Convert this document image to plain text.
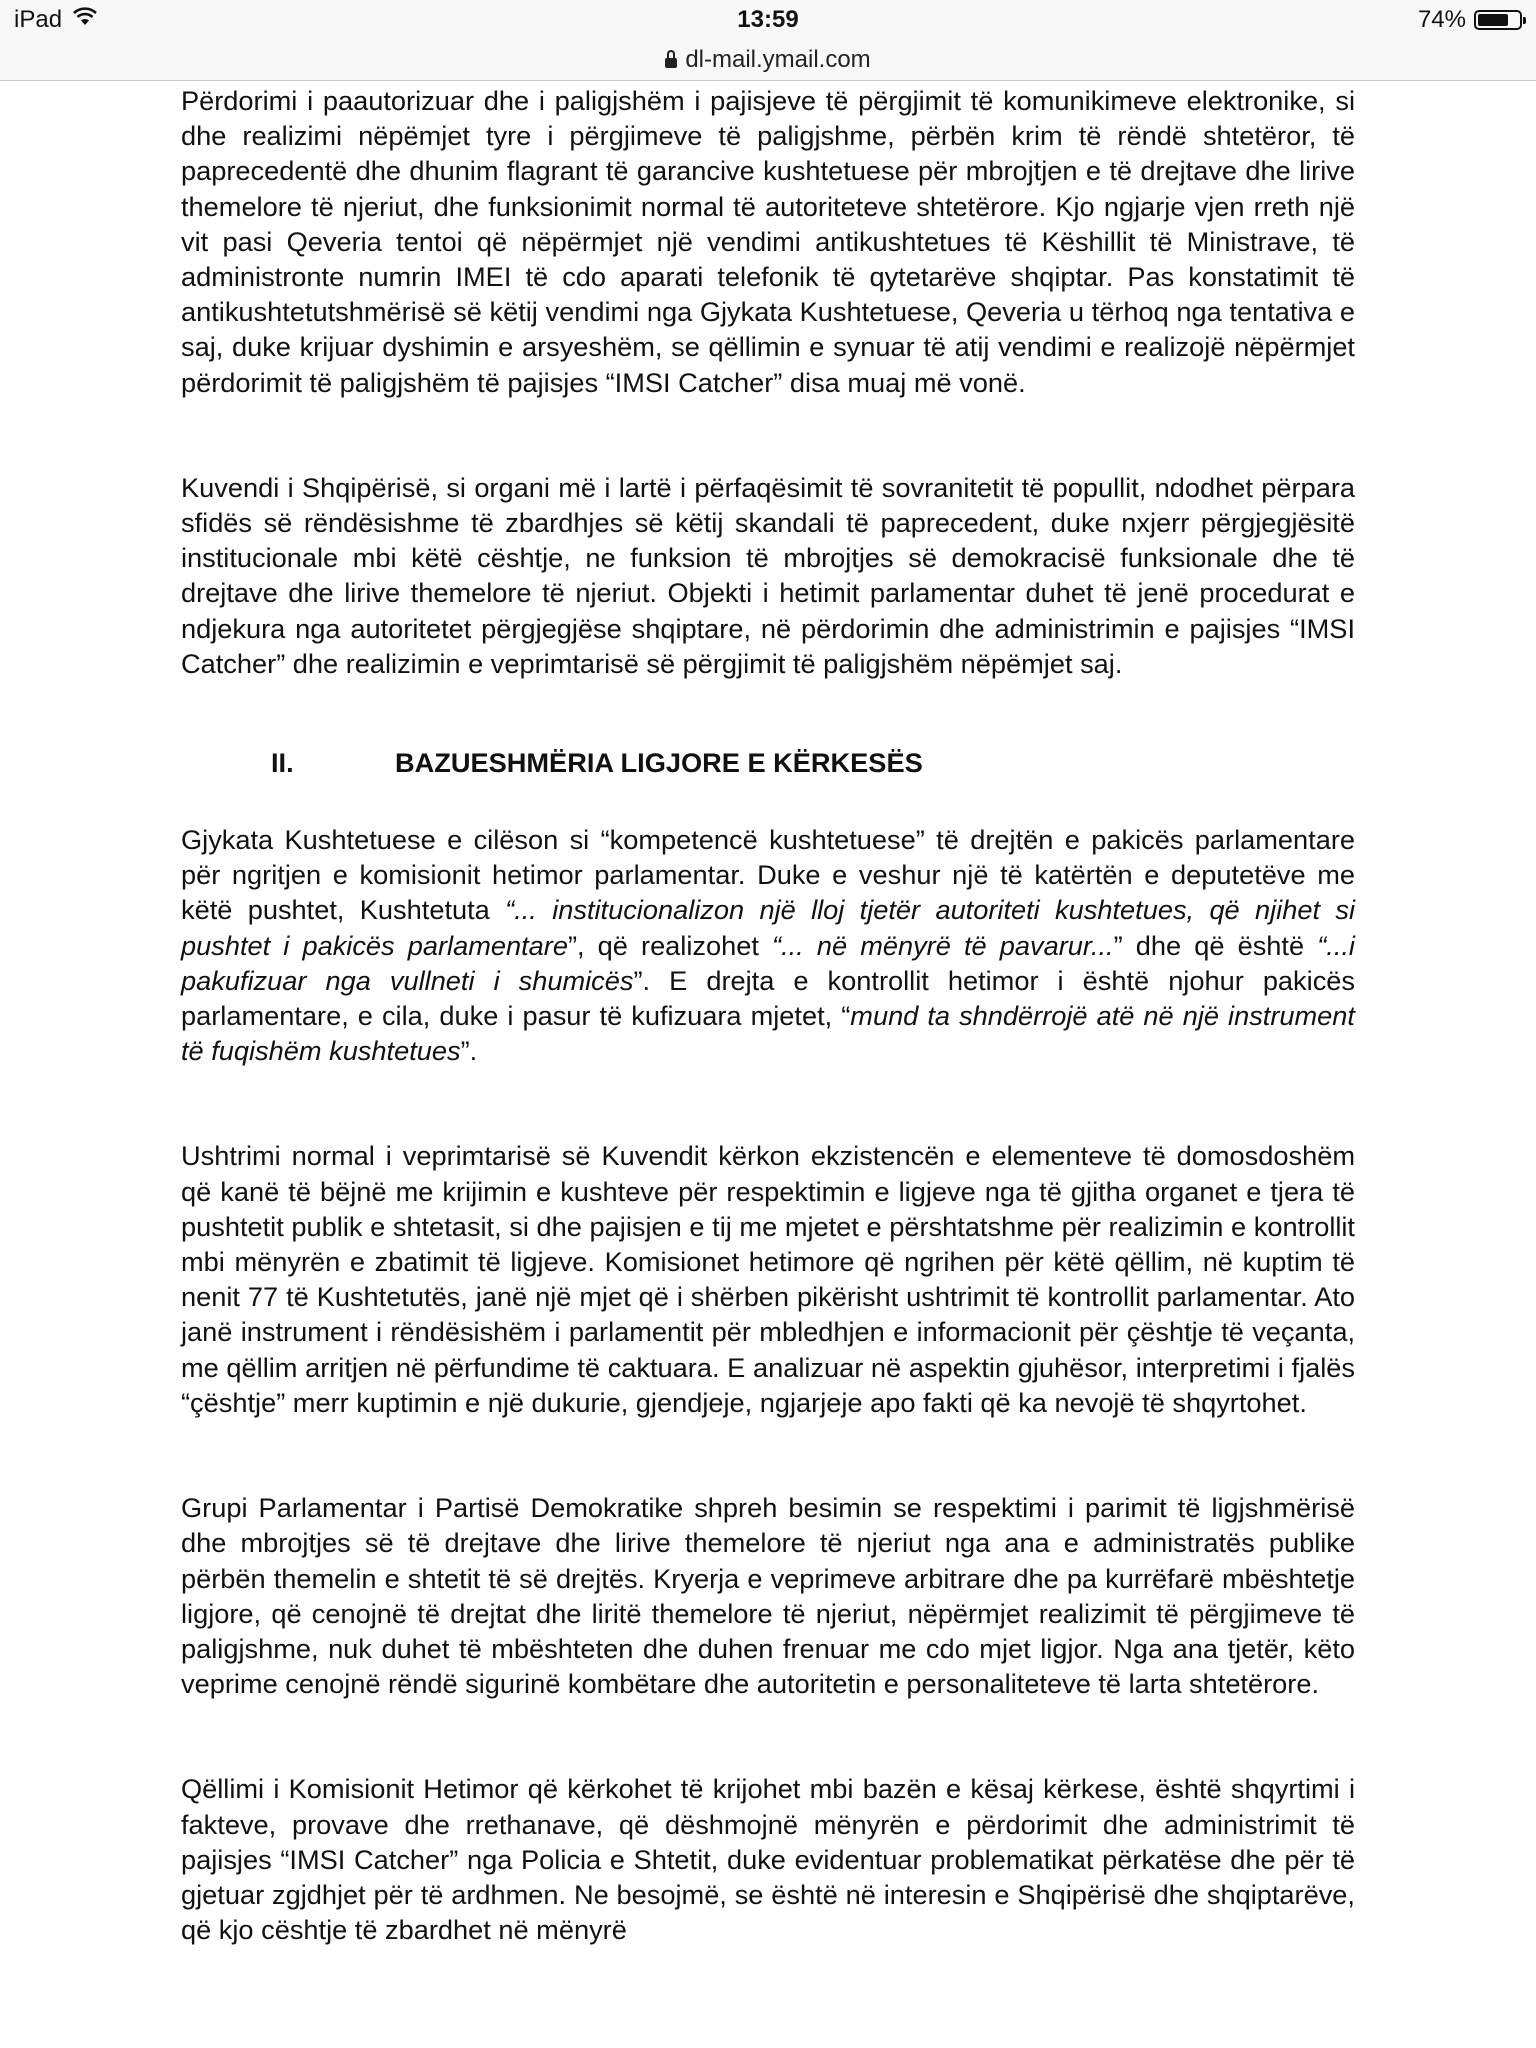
iPad	13:59	74%
dl-mail.ymail.com

Përdorimi i paautorizuar dhe i paligjshëm i pajisjeve të përgjimit të komunikimeve elektronike, si dhe realizimi nëpëmjet tyre i përgjimeve të paligjshme, përbën krim të rëndë shtetëror, të paprecedentë dhe dhunim flagrant të garancive kushtetuese për mbrojtjen e të drejtave dhe lirive themelore të njeriut, dhe funksionimit normal të autoriteteve shtetërore. Kjo ngjarje vjen rreth një vit pasi Qeveria tentoi që nëpërmjet një vendimi antikushtetues të Këshillit të Ministrave, të administronte numrin IMEI të cdo aparati telefonik të qytetarëve shqiptar. Pas konstatimit të antikushtetutshmërisë së këtij vendimi nga Gjykata Kushtetuese, Qeveria u tërhoq nga tentativa e saj, duke krijuar dyshimin e arsyeshëm, se qëllimin e synuar të atij vendimi e realizojë nëpërmjet përdorimit të paligjshëm të pajisjes “IMSI Catcher” disa muaj më vonë.

Kuvendi i Shqipërisë, si organi më i lartë i përfaqësimit të sovranitetit të popullit, ndodhet përpara sfidës së rëndësishme të zbardhjes së këtij skandali të paprecedent, duke nxjerr përgjegjësitë institucionale mbi këtë cështje, ne funksion të mbrojtjes së demokracisë funksionale dhe të drejtave dhe lirive themelore të njeriut. Objekti i hetimit parlamentar duhet të jenë procedurat e ndjekura nga autoritetet përgjegjëse shqiptare, në përdorimin dhe administrimin e pajisjes “IMSI Catcher” dhe realizimin e veprimtarisë së përgjimit të paligjshëm nëpëmjet saj.

II.	BAZUESHMËRIA LIGJORE E KËRKESËS

Gjykata Kushtetuese e cilëson si “kompetencë kushtetuese” të drejtën e pakicës parlamentare për ngritjen e komisionit hetimor parlamentar. Duke e veshur një të katërtën e deputetëve me këtë pushtet, Kushtetuta “... institucionalizon një lloj tjetër autoriteti kushtetues, që njihet si pushtet i pakicës parlamentare”, që realizohet “... në mënyrë të pavarur...” dhe që është “...i pakufizuar nga vullneti i shumicës”. E drejta e kontrollit hetimor i është njohur pakicës parlamentare, e cila, duke i pasur të kufizuara mjetet, “mund ta shndërrojë atë në një instrument të fuqishëm kushtetues”.

Ushtrimi normal i veprimtarisë së Kuvendit kërkon ekzistencën e elementeve të domosdoshëm që kanë të bëjnë me krijimin e kushteve për respektimin e ligjeve nga të gjitha organet e tjera të pushtetit publik e shtetasit, si dhe pajisjen e tij me mjetet e përshtatshme për realizimin e kontrollit mbi mënyrën e zbatimit të ligjeve. Komisionet hetimore që ngrihen për këtë qëllim, në kuptim të nenit 77 të Kushtetutës, janë një mjet që i shërben pikërisht ushtrimit të kontrollit parlamentar. Ato janë instrument i rëndësishëm i parlamentit për mbledhjen e informacionit për çështje të veçanta, me qëllim arritjen në përfundime të caktuara. E analizuar në aspektin gjuhësor, interpretimi i fjalës “çështje” merr kuptimin e një dukurie, gjendjeje, ngjarjeje apo fakti që ka nevojë të shqyrtohet.

Grupi Parlamentar i Partisë Demokratike shpreh besimin se respektimi i parimit të ligjshmërisë dhe mbrojtjes së të drejtave dhe lirive themelore të njeriut nga ana e administratës publike përbën themelin e shtetit të së drejtës. Kryerja e veprimeve arbitrare dhe pa kurrëfarë mbështetje ligjore, që cenojnë të drejtat dhe liritë themelore të njeriut, nëpërmjet realizimit të përgjimeve të paligjshme, nuk duhet të mbështeten dhe duhen frenuar me cdo mjet ligjor. Nga ana tjetër, këto veprime cenojnë rëndë sigurinë kombëtare dhe autoritetin e personaliteteve të larta shtetërore.

Qëllimi i Komisionit Hetimor që kërkohet të krijohet mbi bazën e kësaj kërkese, është shqyrtimi i fakteve, provave dhe rrethanave, që dëshmojnë mënyrën e përdorimit dhe administrimit të pajisjes “IMSI Catcher” nga Policia e Shtetit, duke evidentuar problematikat përkatëse dhe për të gjetuar zgjdhjet për të ardhmen. Ne besojmë, se është në interesin e Shqipërisë dhe shqiptarëve, që kjo cështje të zbardhet në mënyrë
